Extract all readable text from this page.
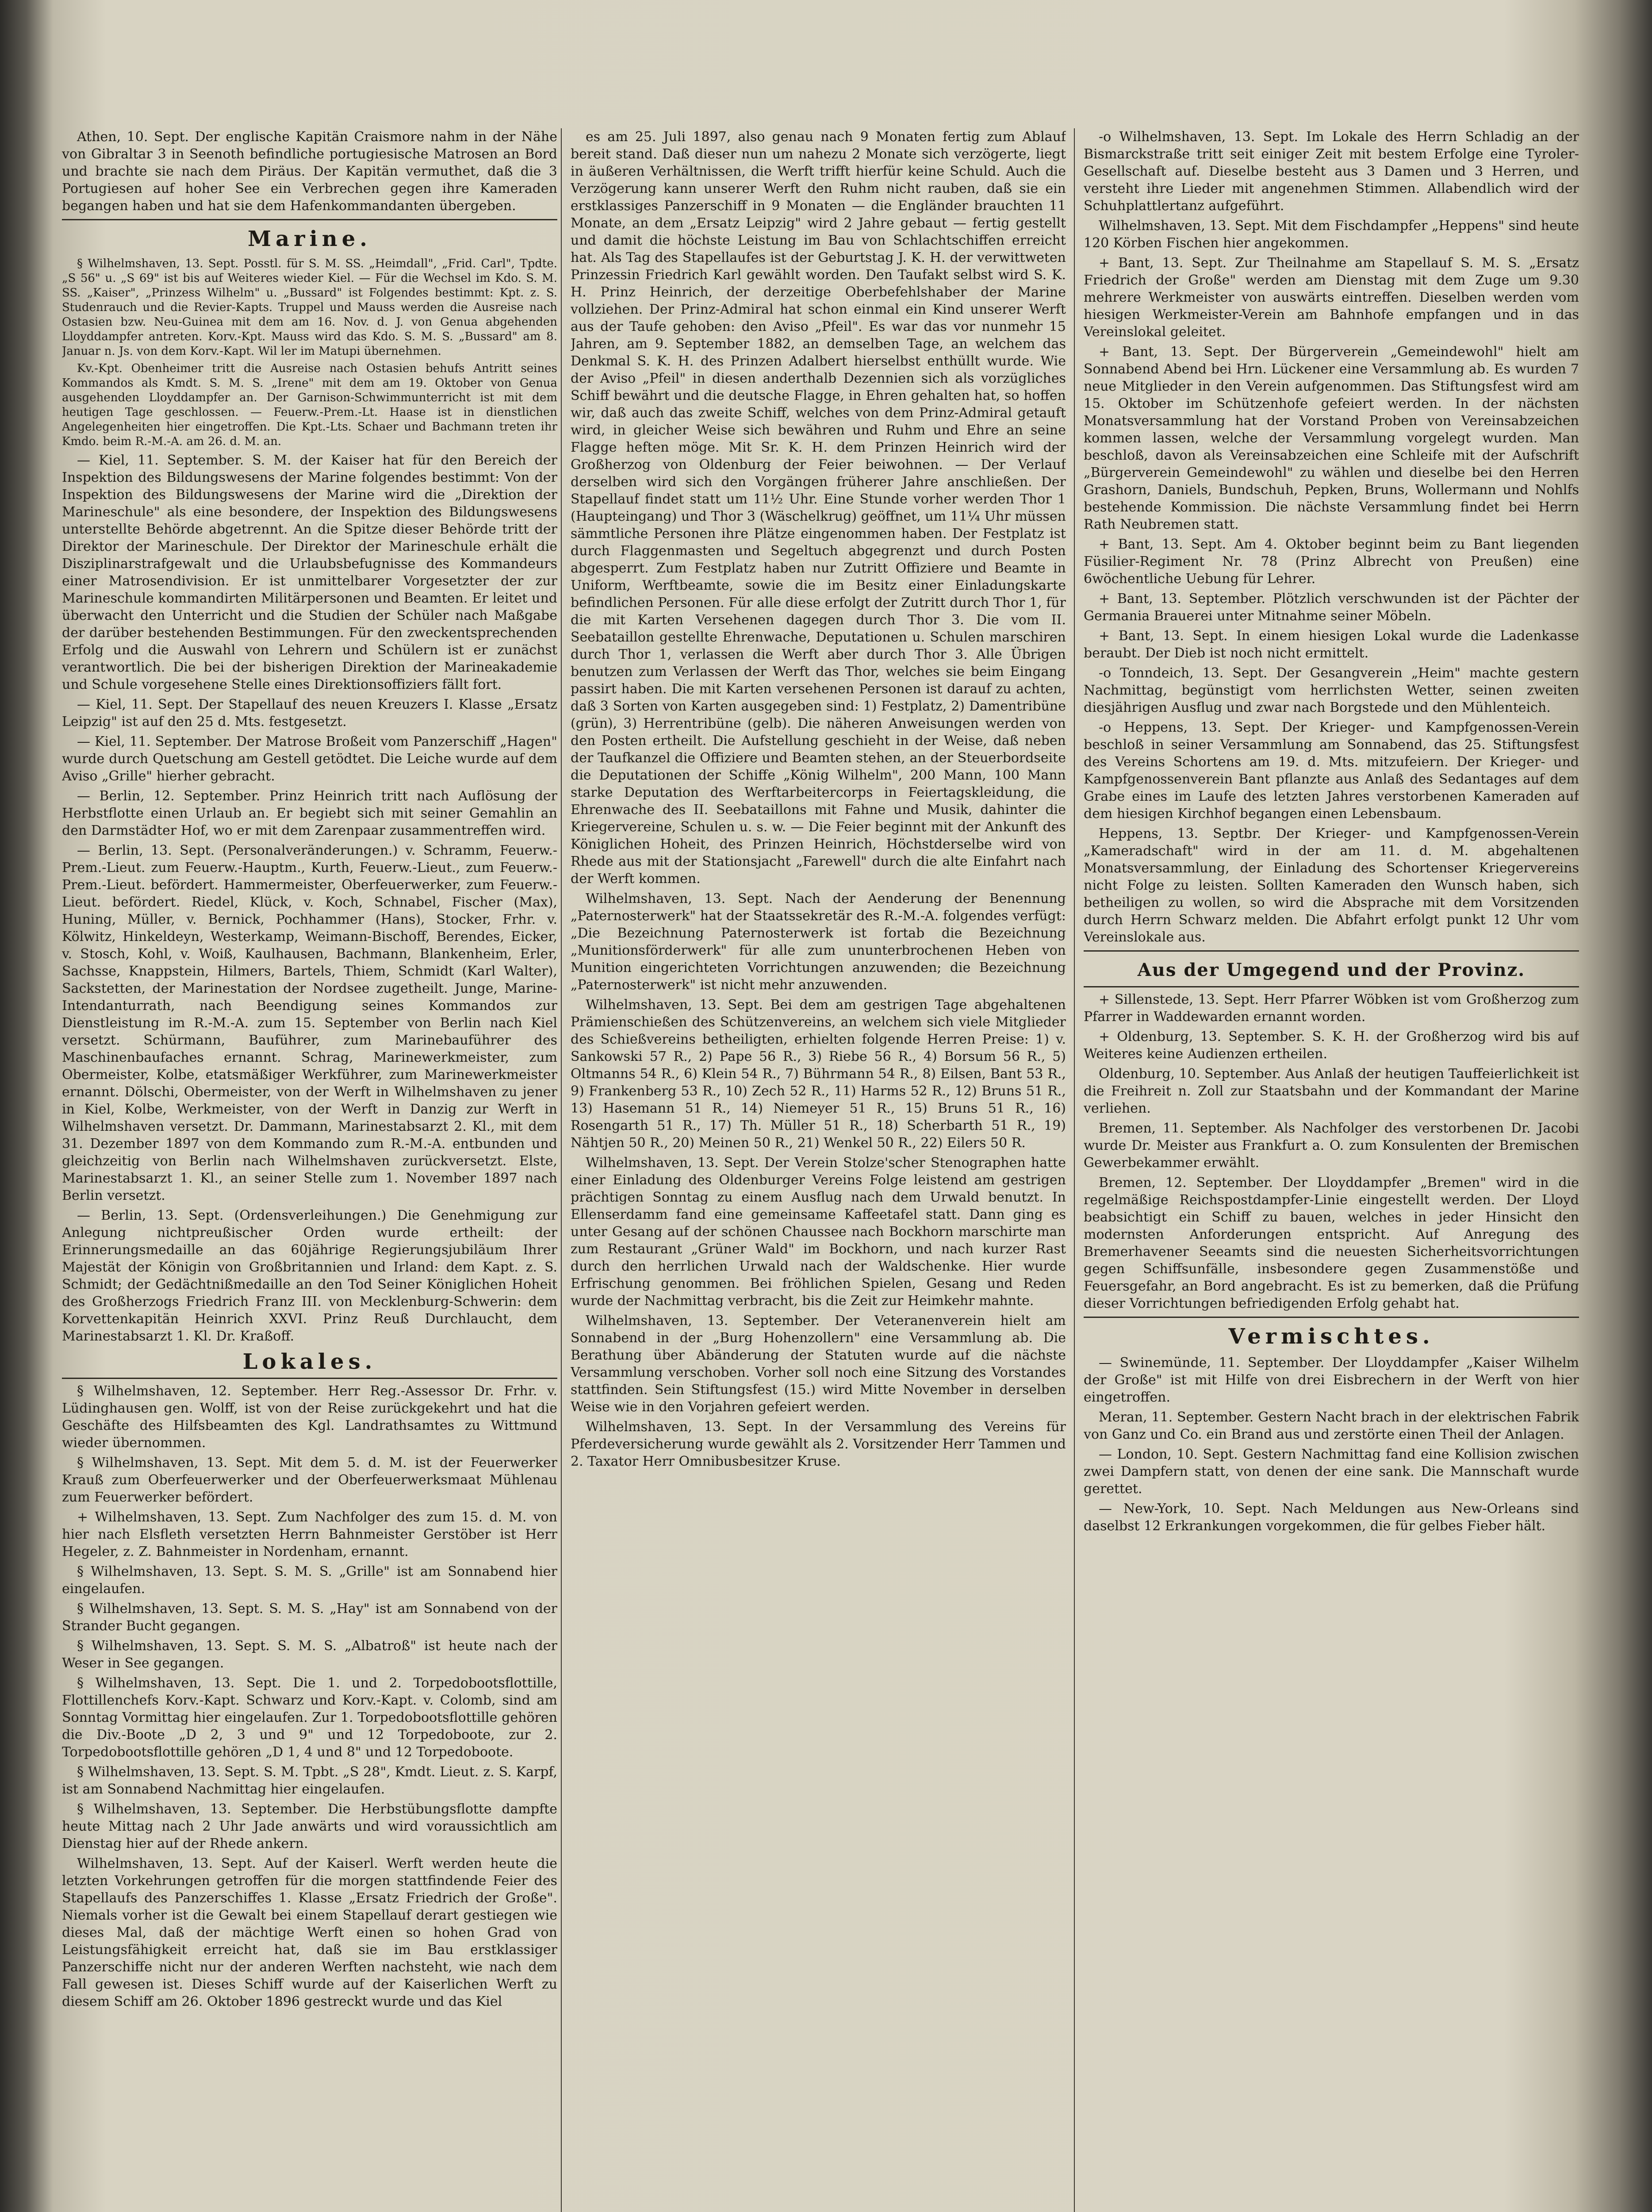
Athen, 10. Sept. Der englische Kapitän Craismore nahm in der Nähe von Gibraltar 3 in Seenoth befindliche portugiesische Matrosen an Bord und brachte sie nach dem Piräus. Der Kapitän vermuthet, daß die 3 Portugiesen auf hoher See ein Verbrechen gegen ihre Kameraden begangen haben und hat sie dem Hafenkommandanten übergeben.

Marine.

§ Wilhelmshaven, 13. Sept. Posstl. für S. M. SS. „Heimdall", „Frid. Carl", Tpdte. „S 56" u. „S 69" ist bis auf Weiteres wieder Kiel. — Für die Wechsel im Kdo. S. M. SS. „Kaiser", „Prinzess Wilhelm" u. „Bussard" ist Folgendes bestimmt: Kpt. z. S. Studenrauch und die Revier-Kapts. Truppel und Mauss werden die Ausreise nach Ostasien bzw. Neu-Guinea mit dem am 16. Nov. d. J. von Genua abgehenden Lloyddampfer antreten. Korv.-Kpt. Mauss wird das Kdo. S. M. S. „Bussard" am 8. Januar n. Js. von dem Korv.-Kapt. Wil ler im Matupi übernehmen.

Kv.-Kpt. Obenheimer tritt die Ausreise nach Ostasien behufs Antritt seines Kommandos als Kmdt. S. M. S. „Irene" mit dem am 19. Oktober von Genua ausgehenden Lloyddampfer an. Der Garnison-Schwimmunterricht ist mit dem heutigen Tage geschlossen. — Feuerw.-Prem.-Lt. Haase ist in dienstlichen Angelegenheiten hier eingetroffen. Die Kpt.-Lts. Schaer und Bachmann treten ihr Kmdo. beim R.-M.-A. am 26. d. M. an.

— Kiel, 11. September. S. M. der Kaiser hat für den Bereich der Inspektion des Bildungswesens der Marine folgendes bestimmt: Von der Inspektion des Bildungswesens der Marine wird die „Direktion der Marineschule" als eine besondere, der Inspektion des Bildungswesens unterstellte Behörde abgetrennt. An die Spitze dieser Behörde tritt der Direktor der Marineschule. Der Direktor der Marineschule erhält die Disziplinarstrafgewalt und die Urlaubsbefugnisse des Kommandeurs einer Matrosendivision. Er ist unmittelbarer Vorgesetzter der zur Marineschule kommandirten Militärpersonen und Beamten. Er leitet und überwacht den Unterricht und die Studien der Schüler nach Maßgabe der darüber bestehenden Bestimmungen. Für den zweckentsprechenden Erfolg und die Auswahl von Lehrern und Schülern ist er zunächst verantwortlich. Die bei der bisherigen Direktion der Marineakademie und Schule vorgesehene Stelle eines Direktionsoffiziers fällt fort.

— Kiel, 11. Sept. Der Stapellauf des neuen Kreuzers I. Klasse „Ersatz Leipzig" ist auf den 25 d. Mts. festgesetzt.

— Kiel, 11. September. Der Matrose Broßeit vom Panzerschiff „Hagen" wurde durch Quetschung am Gestell getödtet. Die Leiche wurde auf dem Aviso „Grille" hierher gebracht.

— Berlin, 12. September. Prinz Heinrich tritt nach Auflösung der Herbstflotte einen Urlaub an. Er begiebt sich mit seiner Gemahlin an den Darmstädter Hof, wo er mit dem Zarenpaar zusammentreffen wird.

— Berlin, 13. Sept. (Personalveränderungen.) v. Schramm, Feuerw.-Prem.-Lieut. zum Feuerw.-Hauptm., Kurth, Feuerw.-Lieut., zum Feuerw.-Prem.-Lieut. befördert. Hammermeister, Oberfeuerwerker, zum Feuerw.-Lieut. befördert. Riedel, Klück, v. Koch, Schnabel, Fischer (Max), Huning, Müller, v. Bernick, Pochhammer (Hans), Stocker, Frhr. v. Kölwitz, Hinkeldeyn, Westerkamp, Weimann-Bischoff, Berendes, Eicker, v. Stosch, Kohl, v. Woiß, Kaulhausen, Bachmann, Blankenheim, Erler, Sachsse, Knappstein, Hilmers, Bartels, Thiem, Schmidt (Karl Walter), Sackstetten, der Marinestation der Nordsee zugetheilt. Junge, Marine-Intendanturrath, nach Beendigung seines Kommandos zur Dienstleistung im R.-M.-A. zum 15. September von Berlin nach Kiel versetzt. Schürmann, Bauführer, zum Marinebauführer des Maschinenbaufaches ernannt. Schrag, Marinewerkmeister, zum Obermeister, Kolbe, etatsmäßiger Werkführer, zum Marinewerkmeister ernannt. Dölschi, Obermeister, von der Werft in Wilhelmshaven zu jener in Kiel, Kolbe, Werkmeister, von der Werft in Danzig zur Werft in Wilhelmshaven versetzt. Dr. Dammann, Marinestabsarzt 2. Kl., mit dem 31. Dezember 1897 von dem Kommando zum R.-M.-A. entbunden und gleichzeitig von Berlin nach Wilhelmshaven zurückversetzt. Elste, Marinestabsarzt 1. Kl., an seiner Stelle zum 1. November 1897 nach Berlin versetzt.

— Berlin, 13. Sept. (Ordensverleihungen.) Die Genehmigung zur Anlegung nichtpreußischer Orden wurde ertheilt: der Erinnerungsmedaille an das 60jährige Regierungsjubiläum Ihrer Majestät der Königin von Großbritannien und Irland: dem Kapt. z. S. Schmidt; der Gedächtnißmedaille an den Tod Seiner Königlichen Hoheit des Großherzogs Friedrich Franz III. von Mecklenburg-Schwerin: dem Korvettenkapitän Heinrich XXVI. Prinz Reuß Durchlaucht, dem Marinestabsarzt 1. Kl. Dr. Kraßoff.

Lokales.

§ Wilhelmshaven, 12. September. Herr Reg.-Assessor Dr. Frhr. v. Lüdinghausen gen. Wolff, ist von der Reise zurückgekehrt und hat die Geschäfte des Hilfsbeamten des Kgl. Landrathsamtes zu Wittmund wieder übernommen.

§ Wilhelmshaven, 13. Sept. Mit dem 5. d. M. ist der Feuerwerker Krauß zum Oberfeuerwerker und der Oberfeuerwerksmaat Mühlenau zum Feuerwerker befördert.

+ Wilhelmshaven, 13. Sept. Zum Nachfolger des zum 15. d. M. von hier nach Elsfleth versetzten Herrn Bahnmeister Gerstöber ist Herr Hegeler, z. Z. Bahnmeister in Nordenham, ernannt.

§ Wilhelmshaven, 13. Sept. S. M. S. „Grille" ist am Sonnabend hier eingelaufen.

§ Wilhelmshaven, 13. Sept. S. M. S. „Hay" ist am Sonnabend von der Strander Bucht gegangen.

§ Wilhelmshaven, 13. Sept. S. M. S. „Albatroß" ist heute nach der Weser in See gegangen.

§ Wilhelmshaven, 13. Sept. Die 1. und 2. Torpedobootsflottille, Flottillenchefs Korv.-Kapt. Schwarz und Korv.-Kapt. v. Colomb, sind am Sonntag Vormittag hier eingelaufen. Zur 1. Torpedobootsflottille gehören die Div.-Boote „D 2, 3 und 9" und 12 Torpedoboote, zur 2. Torpedobootsflottille gehören „D 1, 4 und 8" und 12 Torpedoboote.

§ Wilhelmshaven, 13. Sept. S. M. Tpbt. „S 28", Kmdt. Lieut. z. S. Karpf, ist am Sonnabend Nachmittag hier eingelaufen.

§ Wilhelmshaven, 13. September. Die Herbstübungsflotte dampfte heute Mittag nach 2 Uhr Jade anwärts und wird voraussichtlich am Dienstag hier auf der Rhede ankern.

Wilhelmshaven, 13. Sept. Auf der Kaiserl. Werft werden heute die letzten Vorkehrungen getroffen für die morgen stattfindende Feier des Stapellaufs des Panzerschiffes 1. Klasse „Ersatz Friedrich der Große". Niemals vorher ist die Gewalt bei einem Stapellauf derart gestiegen wie dieses Mal, daß der mächtige Werft einen so hohen Grad von Leistungsfähigkeit erreicht hat, daß sie im Bau erstklassiger Panzerschiffe nicht nur der anderen Werften nachsteht, wie nach dem Fall gewesen ist. Dieses Schiff wurde auf der Kaiserlichen Werft zu diesem Schiff am 26. Oktober 1896 gestreckt wurde und das Kiel

es am 25. Juli 1897, also genau nach 9 Monaten fertig zum Ablauf bereit stand. Daß dieser nun um nahezu 2 Monate sich verzögerte, liegt in äußeren Verhältnissen, die Werft trifft hierfür keine Schuld. Auch die Verzögerung kann unserer Werft den Ruhm nicht rauben, daß sie ein erstklassiges Panzerschiff in 9 Monaten — die Engländer brauchten 11 Monate, an dem „Ersatz Leipzig" wird 2 Jahre gebaut — fertig gestellt und damit die höchste Leistung im Bau von Schlachtschiffen erreicht hat. Als Tag des Stapellaufes ist der Geburtstag J. K. H. der verwittweten Prinzessin Friedrich Karl gewählt worden. Den Taufakt selbst wird S. K. H. Prinz Heinrich, der derzeitige Oberbefehlshaber der Marine vollziehen. Der Prinz-Admiral hat schon einmal ein Kind unserer Werft aus der Taufe gehoben: den Aviso „Pfeil". Es war das vor nunmehr 15 Jahren, am 9. September 1882, an demselben Tage, an welchem das Denkmal S. K. H. des Prinzen Adalbert hierselbst enthüllt wurde. Wie der Aviso „Pfeil" in diesen anderthalb Dezennien sich als vorzügliches Schiff bewährt und die deutsche Flagge, in Ehren gehalten hat, so hoffen wir, daß auch das zweite Schiff, welches von dem Prinz-Admiral getauft wird, in gleicher Weise sich bewähren und Ruhm und Ehre an seine Flagge heften möge. Mit Sr. K. H. dem Prinzen Heinrich wird der Großherzog von Oldenburg der Feier beiwohnen. — Der Verlauf derselben wird sich den Vorgängen früherer Jahre anschließen. Der Stapellauf findet statt um 11½ Uhr. Eine Stunde vorher werden Thor 1 (Haupteingang) und Thor 3 (Wäschelkrug) geöffnet, um 11¼ Uhr müssen sämmtliche Personen ihre Plätze eingenommen haben. Der Festplatz ist durch Flaggenmasten und Segeltuch abgegrenzt und durch Posten abgesperrt. Zum Festplatz haben nur Zutritt Offiziere und Beamte in Uniform, Werftbeamte, sowie die im Besitz einer Einladungskarte befindlichen Personen. Für alle diese erfolgt der Zutritt durch Thor 1, für die mit Karten Versehenen dagegen durch Thor 3. Die vom II. Seebataillon gestellte Ehrenwache, Deputationen u. Schulen marschiren durch Thor 1, verlassen die Werft aber durch Thor 3. Alle Übrigen benutzen zum Verlassen der Werft das Thor, welches sie beim Eingang passirt haben. Die mit Karten versehenen Personen ist darauf zu achten, daß 3 Sorten von Karten ausgegeben sind: 1) Festplatz, 2) Damentribüne (grün), 3) Herrentribüne (gelb). Die näheren Anweisungen werden von den Posten ertheilt. Die Aufstellung geschieht in der Weise, daß neben der Taufkanzel die Offiziere und Beamten stehen, an der Steuerbordseite die Deputationen der Schiffe „König Wilhelm", 200 Mann, 100 Mann starke Deputation des Werftarbeitercorps in Feiertagskleidung, die Ehrenwache des II. Seebataillons mit Fahne und Musik, dahinter die Kriegervereine, Schulen u. s. w. — Die Feier beginnt mit der Ankunft des Königlichen Hoheit, des Prinzen Heinrich, Höchstderselbe wird von Rhede aus mit der Stationsjacht „Farewell" durch die alte Einfahrt nach der Werft kommen.

Wilhelmshaven, 13. Sept. Nach der Aenderung der Benennung „Paternosterwerk" hat der Staatssekretär des R.-M.-A. folgendes verfügt: „Die Bezeichnung Paternosterwerk ist fortab die Bezeichnung „Munitionsförderwerk" für alle zum ununterbrochenen Heben von Munition eingerichteten Vorrichtungen anzuwenden; die Bezeichnung „Paternosterwerk" ist nicht mehr anzuwenden.

Wilhelmshaven, 13. Sept. Bei dem am gestrigen Tage abgehaltenen Prämienschießen des Schützenvereins, an welchem sich viele Mitglieder des Schießvereins betheiligten, erhielten folgende Herren Preise: 1) v. Sankowski 57 R., 2) Pape 56 R., 3) Riebe 56 R., 4) Borsum 56 R., 5) Oltmanns 54 R., 6) Klein 54 R., 7) Bührmann 54 R., 8) Eilsen, Bant 53 R., 9) Frankenberg 53 R., 10) Zech 52 R., 11) Harms 52 R., 12) Bruns 51 R., 13) Hasemann 51 R., 14) Niemeyer 51 R., 15) Bruns 51 R., 16) Rosengarth 51 R., 17) Th. Müller 51 R., 18) Scherbarth 51 R., 19) Nähtjen 50 R., 20) Meinen 50 R., 21) Wenkel 50 R., 22) Eilers 50 R.

Wilhelmshaven, 13. Sept. Der Verein Stolze'scher Stenographen hatte einer Einladung des Oldenburger Vereins Folge leistend am gestrigen prächtigen Sonntag zu einem Ausflug nach dem Urwald benutzt. In Ellenserdamm fand eine gemeinsame Kaffeetafel statt. Dann ging es unter Gesang auf der schönen Chaussee nach Bockhorn marschirte man zum Restaurant „Grüner Wald" im Bockhorn, und nach kurzer Rast durch den herrlichen Urwald nach der Waldschenke. Hier wurde Erfrischung genommen. Bei fröhlichen Spielen, Gesang und Reden wurde der Nachmittag verbracht, bis die Zeit zur Heimkehr mahnte.

Wilhelmshaven, 13. September. Der Veteranenverein hielt am Sonnabend in der „Burg Hohenzollern" eine Versammlung ab. Die Berathung über Abänderung der Statuten wurde auf die nächste Versammlung verschoben. Vorher soll noch eine Sitzung des Vorstandes stattfinden. Sein Stiftungsfest (15.) wird Mitte November in derselben Weise wie in den Vorjahren gefeiert werden.

Wilhelmshaven, 13. Sept. In der Versammlung des Vereins für Pferdeversicherung wurde gewählt als 2. Vorsitzender Herr Tammen und 2. Taxator Herr Omnibusbesitzer Kruse.

-o Wilhelmshaven, 13. Sept. Im Lokale des Herrn Schladig an der Bismarckstraße tritt seit einiger Zeit mit bestem Erfolge eine Tyroler-Gesellschaft auf. Dieselbe besteht aus 3 Damen und 3 Herren, und versteht ihre Lieder mit angenehmen Stimmen. Allabendlich wird der Schuhplattlertanz aufgeführt.

Wilhelmshaven, 13. Sept. Mit dem Fischdampfer „Heppens" sind heute 120 Körben Fischen hier angekommen.

+ Bant, 13. Sept. Zur Theilnahme am Stapellauf S. M. S. „Ersatz Friedrich der Große" werden am Dienstag mit dem Zuge um 9.30 mehrere Werkmeister von auswärts eintreffen. Dieselben werden vom hiesigen Werkmeister-Verein am Bahnhofe empfangen und in das Vereinslokal geleitet.

+ Bant, 13. Sept. Der Bürgerverein „Gemeindewohl" hielt am Sonnabend Abend bei Hrn. Lückener eine Versammlung ab. Es wurden 7 neue Mitglieder in den Verein aufgenommen. Das Stiftungsfest wird am 15. Oktober im Schützenhofe gefeiert werden. In der nächsten Monatsversammlung hat der Vorstand Proben von Vereinsabzeichen kommen lassen, welche der Versammlung vorgelegt wurden. Man beschloß, davon als Vereinsabzeichen eine Schleife mit der Aufschrift „Bürgerverein Gemeindewohl" zu wählen und dieselbe bei den Herren Grashorn, Daniels, Bundschuh, Pepken, Bruns, Wollermann und Nohlfs bestehende Kommission. Die nächste Versammlung findet bei Herrn Rath Neubremen statt.

+ Bant, 13. Sept. Am 4. Oktober beginnt beim zu Bant liegenden Füsilier-Regiment Nr. 78 (Prinz Albrecht von Preußen) eine 6wöchentliche Uebung für Lehrer.

+ Bant, 13. September. Plötzlich verschwunden ist der Pächter der Germania Brauerei unter Mitnahme seiner Möbeln.

+ Bant, 13. Sept. In einem hiesigen Lokal wurde die Ladenkasse beraubt. Der Dieb ist noch nicht ermittelt.

-o Tonndeich, 13. Sept. Der Gesangverein „Heim" machte gestern Nachmittag, begünstigt vom herrlichsten Wetter, seinen zweiten diesjährigen Ausflug und zwar nach Borgstede und den Mühlenteich.

-o Heppens, 13. Sept. Der Krieger- und Kampfgenossen-Verein beschloß in seiner Versammlung am Sonnabend, das 25. Stiftungsfest des Vereins Schortens am 19. d. Mts. mitzufeiern. Der Krieger- und Kampfgenossenverein Bant pflanzte aus Anlaß des Sedantages auf dem Grabe eines im Laufe des letzten Jahres verstorbenen Kameraden auf dem hiesigen Kirchhof begangen einen Lebensbaum.

Heppens, 13. Septbr. Der Krieger- und Kampfgenossen-Verein „Kameradschaft" wird in der am 11. d. M. abgehaltenen Monatsversammlung, der Einladung des Schortenser Kriegervereins nicht Folge zu leisten. Sollten Kameraden den Wunsch haben, sich betheiligen zu wollen, so wird die Absprache mit dem Vorsitzenden durch Herrn Schwarz melden. Die Abfahrt erfolgt punkt 12 Uhr vom Vereinslokale aus.

Aus der Umgegend und der Provinz.

+ Sillenstede, 13. Sept. Herr Pfarrer Wöbken ist vom Großherzog zum Pfarrer in Waddewarden ernannt worden.

+ Oldenburg, 13. September. S. K. H. der Großherzog wird bis auf Weiteres keine Audienzen ertheilen.

Oldenburg, 10. September. Aus Anlaß der heutigen Tauffeierlichkeit ist die Freihreit n. Zoll zur Staatsbahn und der Kommandant der Marine verliehen.

Bremen, 11. September. Als Nachfolger des verstorbenen Dr. Jacobi wurde Dr. Meister aus Frankfurt a. O. zum Konsulenten der Bremischen Gewerbekammer erwählt.

Bremen, 12. September. Der Lloyddampfer „Bremen" wird in die regelmäßige Reichspostdampfer-Linie eingestellt werden. Der Lloyd beabsichtigt ein Schiff zu bauen, welches in jeder Hinsicht den modernsten Anforderungen entspricht. Auf Anregung des Bremerhavener Seeamts sind die neuesten Sicherheitsvorrichtungen gegen Schiffsunfälle, insbesondere gegen Zusammenstöße und Feuersgefahr, an Bord angebracht. Es ist zu bemerken, daß die Prüfung dieser Vorrichtungen befriedigenden Erfolg gehabt hat.

Vermischtes.

— Swinemünde, 11. September. Der Lloyddampfer „Kaiser Wilhelm der Große" ist mit Hilfe von drei Eisbrechern in der Werft von hier eingetroffen.

Meran, 11. September. Gestern Nacht brach in der elektrischen Fabrik von Ganz und Co. ein Brand aus und zerstörte einen Theil der Anlagen.

— London, 10. Sept. Gestern Nachmittag fand eine Kollision zwischen zwei Dampfern statt, von denen der eine sank. Die Mannschaft wurde gerettet.

— New-York, 10. Sept. Nach Meldungen aus New-Orleans sind daselbst 12 Erkrankungen vorgekommen, die für gelbes Fieber hält.
